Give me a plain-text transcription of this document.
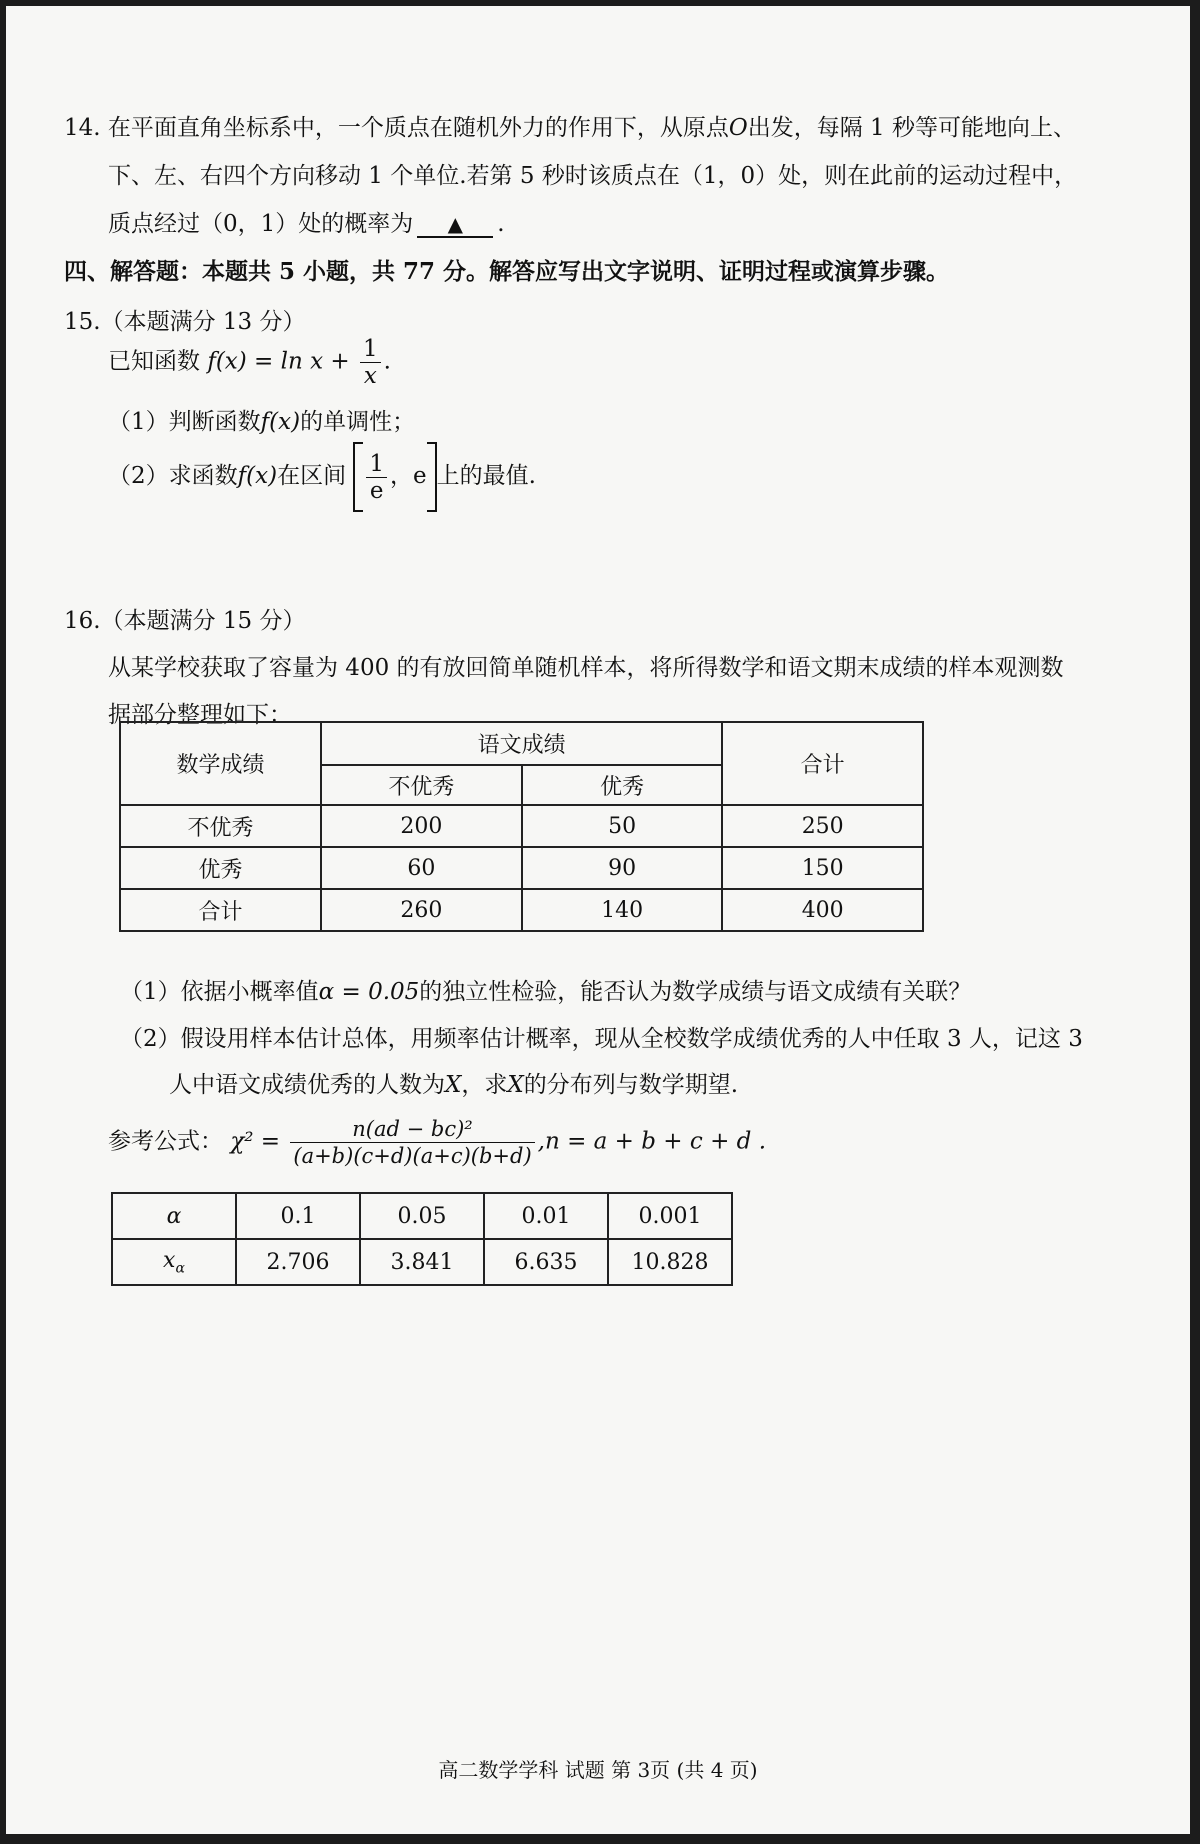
14. 在平面直角坐标系中，一个质点在随机外力的作用下，从原点O出发，每隔 1 秒等可能地向上、
下、左、右四个方向移动 1 个单位.若第 5 秒时该质点在（1，0）处，则在此前的运动过程中，
质点经过（0，1）处的概率为 ▲ .
四、解答题：本题共 5 小题，共 77 分。解答应写出文字说明、证明过程或演算步骤。
15.（本题满分 13 分）
已知函数 $f(x) = \ln x + \frac{1}{x}$ .
（1）判断函数f(x)的单调性；
（2）求函数f(x)在区间 $\frac{1}{e}$ ，e 上的最值.
16.（本题满分 15 分）
从某学校获取了容量为 400 的有放回简单随机样本，将所得数学和语文期末成绩的样本观测数
据部分整理如下：
数学成绩	语文成绩		合计
	不优秀	优秀	
不优秀	200	50	250
优秀	60	90	150
合计	260	140	400
（1）依据小概率值α = 0.05的独立性检验，能否认为数学成绩与语文成绩有关联？
（2）假设用样本估计总体，用频率估计概率，现从全校数学成绩优秀的人中任取 3 人，记这 3
人中语文成绩优秀的人数为X，求X的分布列与数学期望.
参考公式： $\chi^2 = \frac{\text{n(ad − bc)²}}{(a+b)(c+d)(a+c)(b+d)} ,n = a + b + c + d$ .
α	0.1	0.05	0.01	0.001
$x_\alpha$	2.706	3.841	6.635	10.828
高二数学学科 试题 第 3页 (共 4 页)
